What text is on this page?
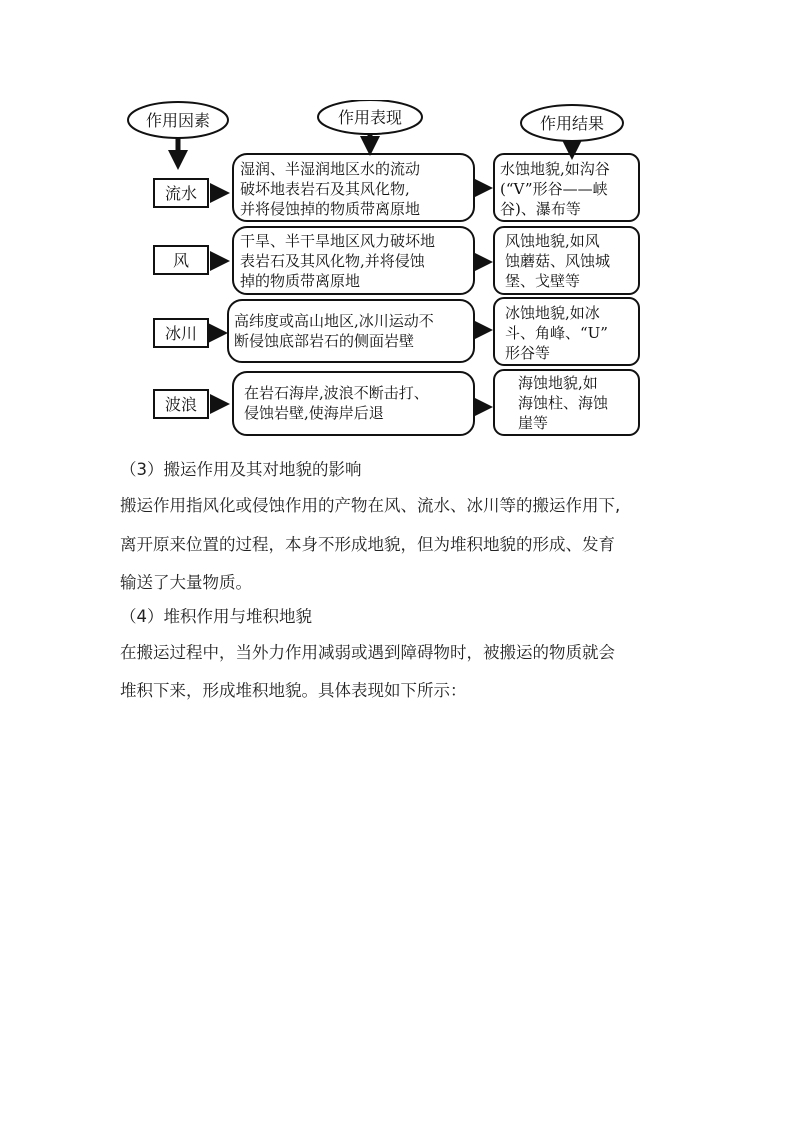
作用因素	作用表现	作用结果
流水
湿润、半湿润地区水的流动 破坏地表岩石及其风化物, 并将侵蚀掉的物质带离原地
水蚀地貌,如沟谷 (“V”形谷——峡 谷)、瀑布等
风
干旱、半干旱地区风力破坏地 表岩石及其风化物,并将侵蚀 掉的物质带离原地
风蚀地貌,如风 蚀蘑菇、风蚀城 堡、戈壁等
冰川
高纬度或高山地区,冰川运动不 断侵蚀底部岩石的侧面岩壁
冰蚀地貌,如冰 斗、角峰、“U” 形谷等
波浪
在岩石海岸,波浪不断击打、 侵蚀岩壁,使海岸后退
海蚀地貌,如 海蚀柱、海蚀 崖等
（3）搬运作用及其对地貌的影响
搬运作用指风化或侵蚀作用的产物在风、流水、冰川等的搬运作用下,
离开原来位置的过程，本身不形成地貌，但为堆积地貌的形成、发育
输送了大量物质。
（4）堆积作用与堆积地貌
在搬运过程中，当外力作用减弱或遇到障碍物时，被搬运的物质就会
堆积下来，形成堆积地貌。具体表现如下所示：
